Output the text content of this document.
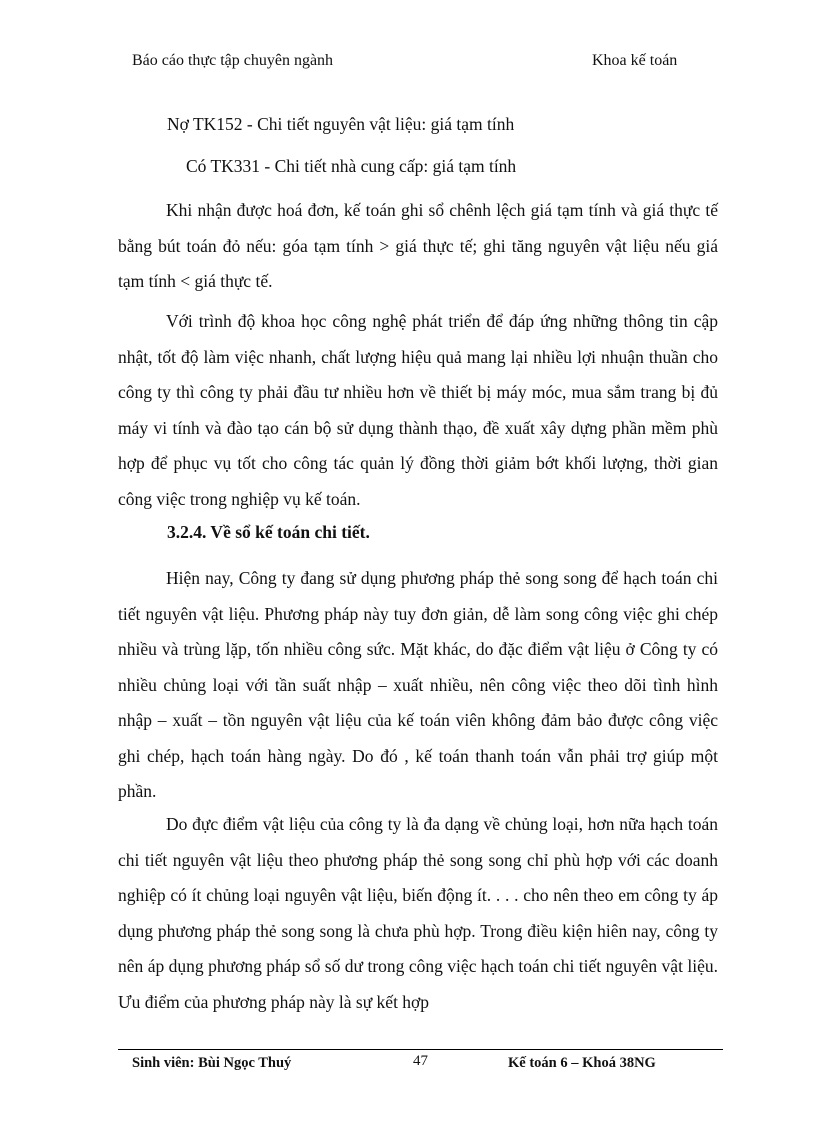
Báo cáo thực tập chuyên ngành	Khoa kế toán
Nợ TK152 - Chi tiết nguyên vật liệu: giá tạm tính
Có TK331 - Chi tiết nhà cung cấp: giá tạm tính

Khi nhận được hoá đơn, kế toán ghi sổ chênh lệch giá tạm tính và giá thực tế bằng bút toán đỏ nếu: góa tạm tính > giá thực tế; ghi tăng nguyên vật liệu nếu giá tạm tính < giá thực tế.

Với trình độ khoa học công nghệ phát triển để đáp ứng những thông tin cập nhật, tốt độ làm việc nhanh, chất lượng hiệu quả mang lại nhiều lợi nhuận thuần cho công ty thì công ty phải đầu tư nhiều hơn về thiết bị máy móc, mua sắm trang bị đủ máy vi tính và đào tạo cán bộ sử dụng thành thạo, đề xuất xây dựng phần mềm phù hợp để phục vụ tốt cho công tác quản lý đồng thời giảm bớt khối lượng, thời gian công việc trong nghiệp vụ kế toán.

3.2.4. Về sổ kế toán chi tiết.

Hiện nay, Công ty đang sử dụng phương pháp thẻ song song để hạch toán chi tiết nguyên vật liệu. Phương pháp này tuy đơn giản, dễ làm song công việc ghi chép nhiều và trùng lặp, tốn nhiều công sức. Mặt khác, do đặc điểm vật liệu ở Công ty có nhiều chủng loại với tần suất nhập – xuất nhiều, nên công việc theo dõi tình hình nhập – xuất – tồn nguyên vật liệu của kế toán viên không đảm bảo được công việc ghi chép, hạch toán hàng ngày. Do đó , kế toán thanh toán vẫn phải trợ giúp một phần.

Do đực điểm vật liệu của công ty là đa dạng về chủng loại, hơn nữa hạch toán chi tiết nguyên vật liệu theo phương pháp thẻ song song chỉ phù hợp với các doanh nghiệp có ít chủng loại nguyên vật liệu, biến động ít. . . . cho nên theo em công ty áp dụng phương pháp thẻ song song là chưa phù hợp. Trong điều kiện hiên nay, công ty nên áp dụng phương pháp sổ số dư trong công việc hạch toán chi tiết nguyên vật liệu. Ưu điểm của phương pháp này là sự kết hợp

Sinh viên: Bùi Ngọc Thuý	47	Kế toán 6 – Khoá 38NG
